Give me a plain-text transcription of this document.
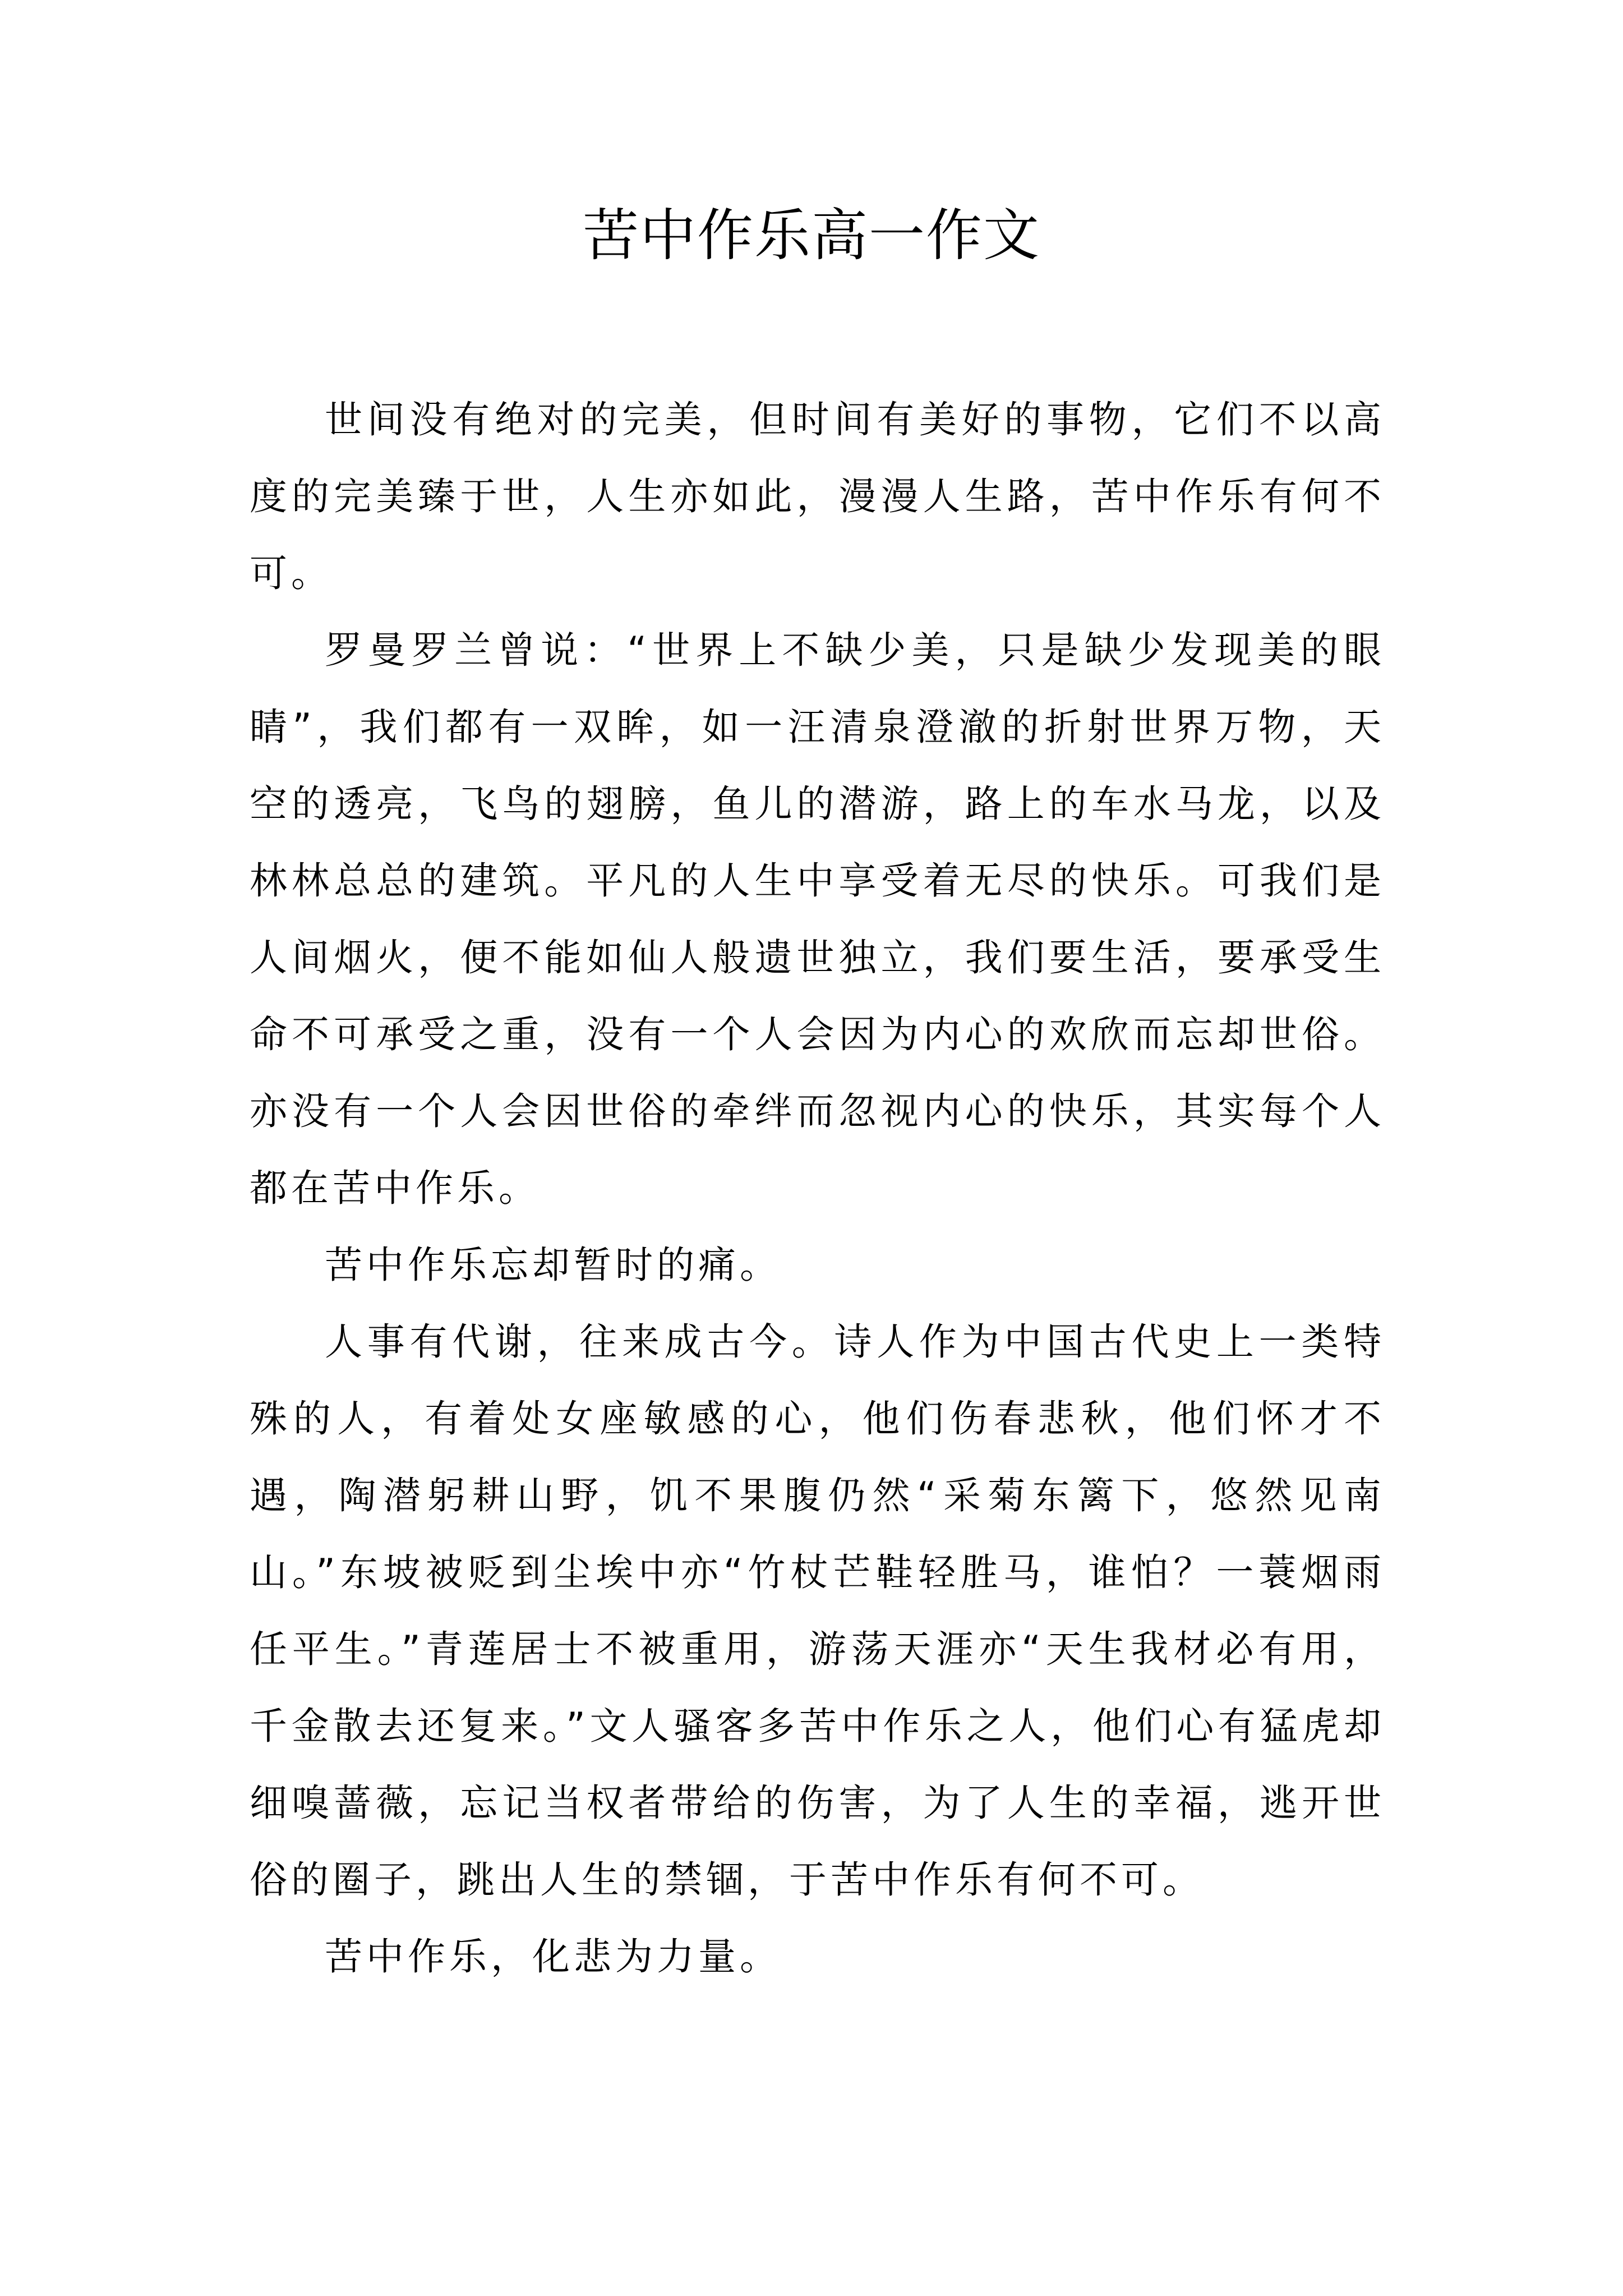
苦中作乐高一作文

世间没有绝对的完美，但时间有美好的事物，它们不以高度的完美臻于世，人生亦如此，漫漫人生路，苦中作乐有何不可。

罗曼罗兰曾说：“世界上不缺少美，只是缺少发现美的眼睛”，我们都有一双眸，如一汪清泉澄澈的折射世界万物，天空的透亮，飞鸟的翅膀，鱼儿的潜游，路上的车水马龙，以及林林总总的建筑。平凡的人生中享受着无尽的快乐。可我们是人间烟火，便不能如仙人般遗世独立，我们要生活，要承受生命不可承受之重，没有一个人会因为内心的欢欣而忘却世俗。亦没有一个人会因世俗的牵绊而忽视内心的快乐，其实每个人都在苦中作乐。

苦中作乐忘却暂时的痛。

人事有代谢，往来成古今。诗人作为中国古代史上一类特殊的人，有着处女座敏感的心，他们伤春悲秋，他们怀才不遇，陶潜躬耕山野，饥不果腹仍然“采菊东篱下，悠然见南山。”东坡被贬到尘埃中亦“竹杖芒鞋轻胜马，谁怕？一蓑烟雨任平生。”青莲居士不被重用，游荡天涯亦“天生我材必有用，千金散去还复来。”文人骚客多苦中作乐之人，他们心有猛虎却细嗅蔷薇，忘记当权者带给的伤害，为了人生的幸福，逃开世俗的圈子，跳出人生的禁锢，于苦中作乐有何不可。

苦中作乐，化悲为力量。
